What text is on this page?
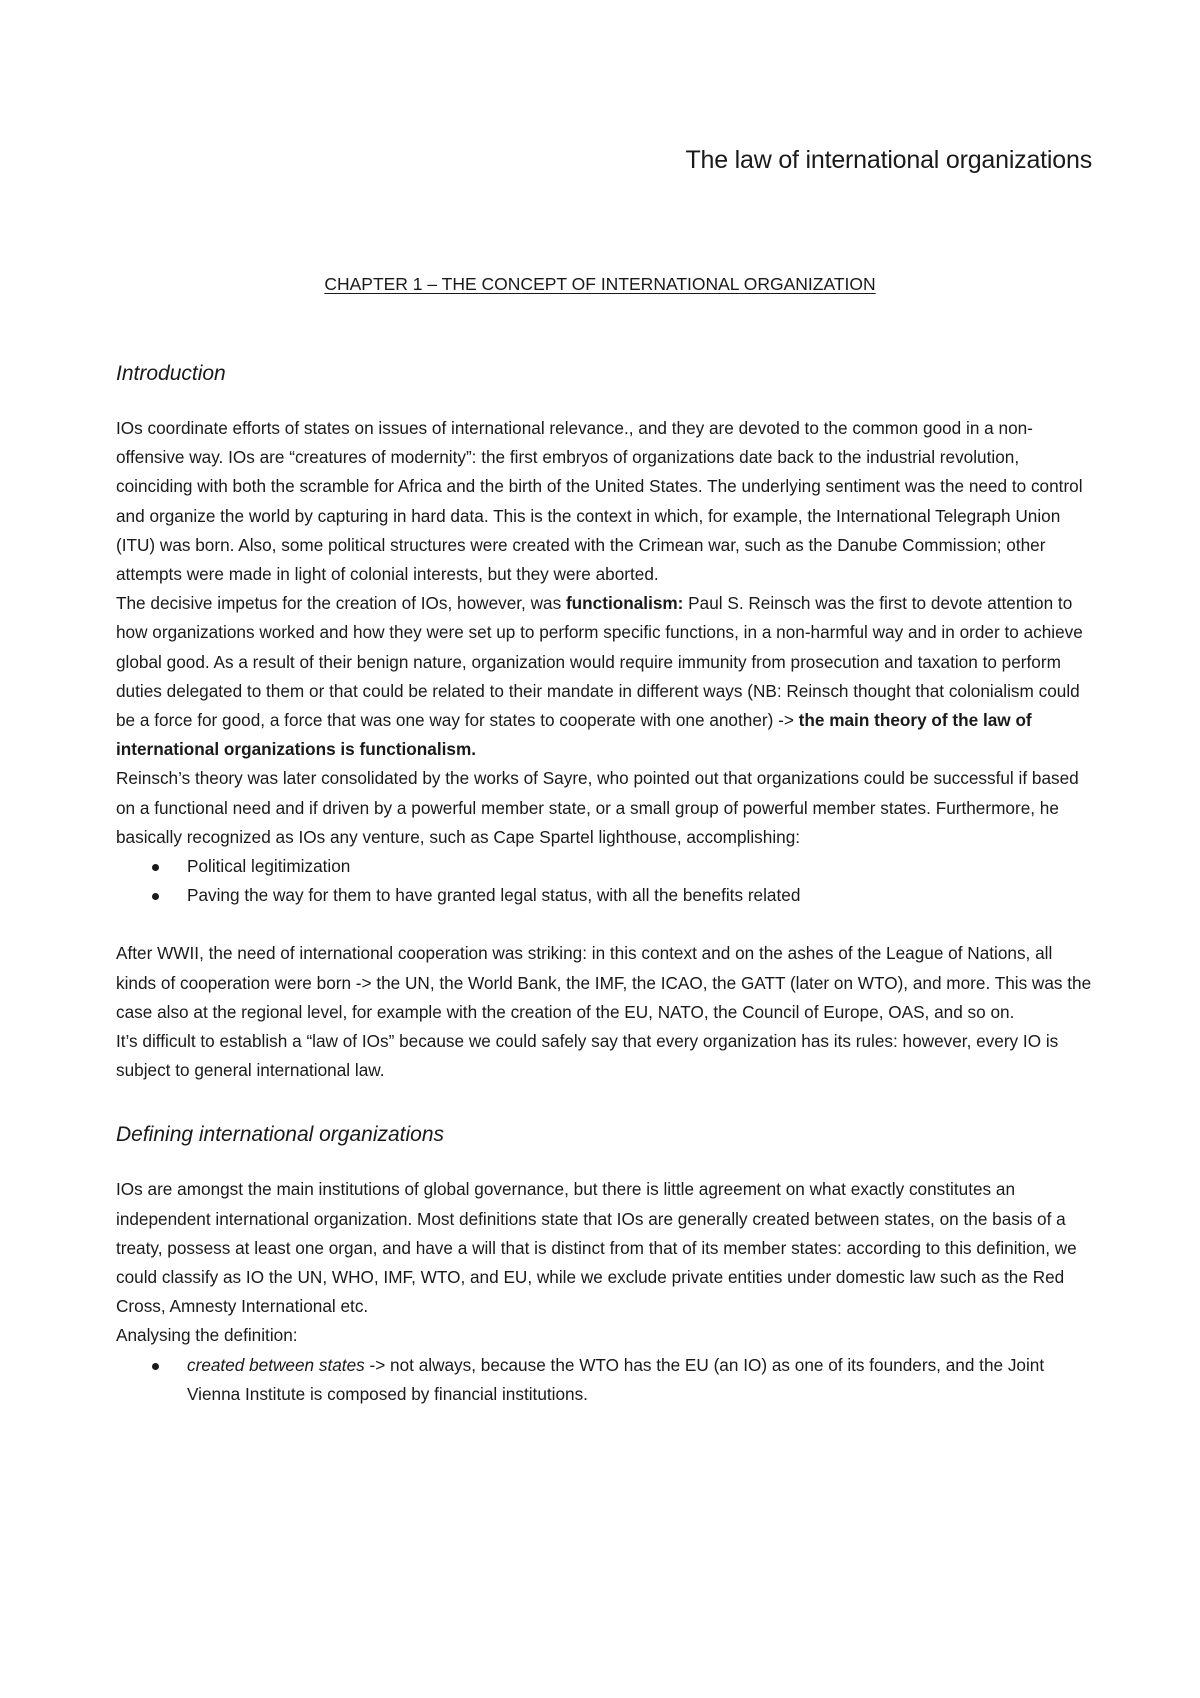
The law of international organizations
CHAPTER 1 – THE CONCEPT OF INTERNATIONAL ORGANIZATION
Introduction

IOs coordinate efforts of states on issues of international relevance., and they are devoted to the common good in a non-offensive way. IOs are “creatures of modernity”: the first embryos of organizations date back to the industrial revolution, coinciding with both the scramble for Africa and the birth of the United States. The underlying sentiment was the need to control and organize the world by capturing in hard data. This is the context in which, for example, the International Telegraph Union (ITU) was born. Also, some political structures were created with the Crimean war, such as the Danube Commission; other attempts were made in light of colonial interests, but they were aborted.

The decisive impetus for the creation of IOs, however, was functionalism: Paul S. Reinsch was the first to devote attention to how organizations worked and how they were set up to perform specific functions, in a non-harmful way and in order to achieve global good. As a result of their benign nature, organization would require immunity from prosecution and taxation to perform duties delegated to them or that could be related to their mandate in different ways (NB: Reinsch thought that colonialism could be a force for good, a force that was one way for states to cooperate with one another) -> the main theory of the law of international organizations is functionalism.

Reinsch’s theory was later consolidated by the works of Sayre, who pointed out that organizations could be successful if based on a functional need and if driven by a powerful member state, or a small group of powerful member states. Furthermore, he basically recognized as IOs any venture, such as Cape Spartel lighthouse, accomplishing:

Political legitimization
Paving the way for them to have granted legal status, with all the benefits related

After WWII, the need of international cooperation was striking: in this context and on the ashes of the League of Nations, all kinds of cooperation were born -> the UN, the World Bank, the IMF, the ICAO, the GATT (later on WTO), and more. This was the case also at the regional level, for example with the creation of the EU, NATO, the Council of Europe, OAS, and so on.

It’s difficult to establish a “law of IOs” because we could safely say that every organization has its rules: however, every IO is subject to general international law.

Defining international organizations

IOs are amongst the main institutions of global governance, but there is little agreement on what exactly constitutes an independent international organization. Most definitions state that IOs are generally created between states, on the basis of a treaty, possess at least one organ, and have a will that is distinct from that of its member states: according to this definition, we could classify as IO the UN, WHO, IMF, WTO, and EU, while we exclude private entities under domestic law such as the Red Cross, Amnesty International etc.

Analysing the definition:

created between states -> not always, because the WTO has the EU (an IO) as one of its founders, and the Joint Vienna Institute is composed by financial institutions.
